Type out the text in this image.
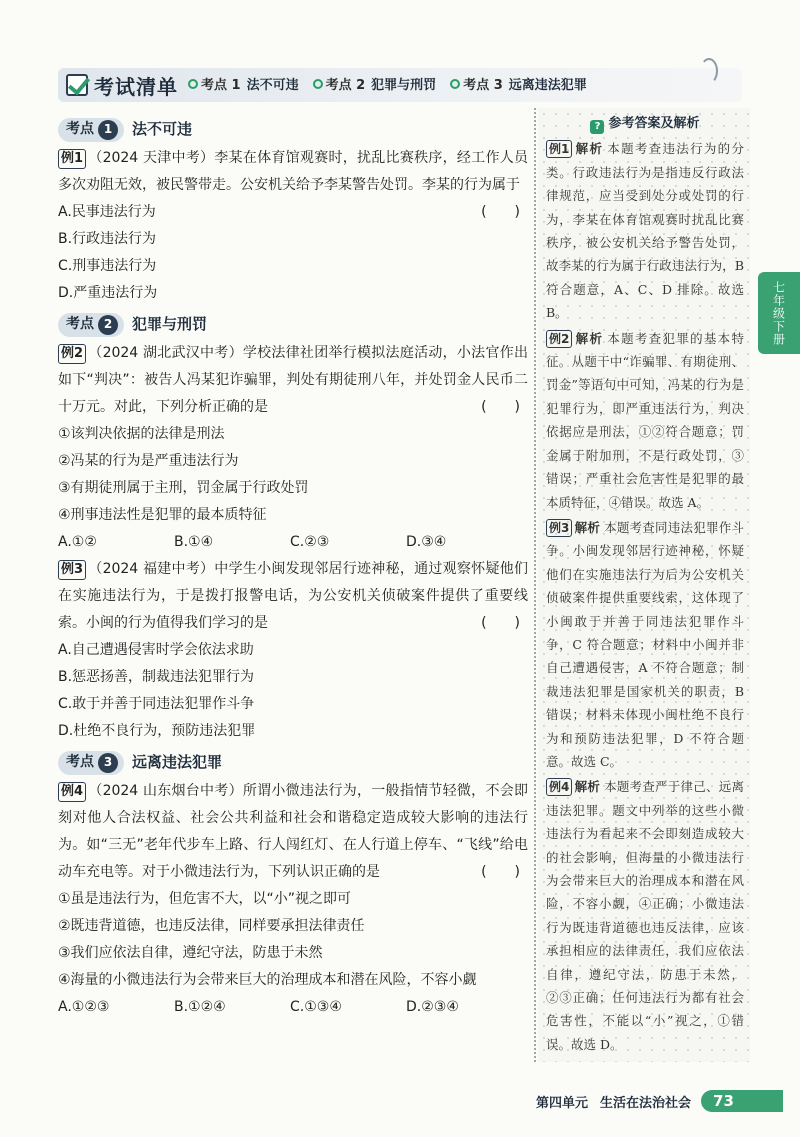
考试清单 考点 1 法不可违 考点 2 犯罪与刑罚 考点 3 远离违法犯罪
考点 1	法不可违
例1 （2024 天津中考）李某在体育馆观赛时，扰乱比赛秩序，经工作人员多次劝阻无效，被民警带走。公安机关给予李某警告处罚。李某的行为属于
(　　)
A.民事违法行为
B.行政违法行为
C.刑事违法行为
D.严重违法行为
考点 2	犯罪与刑罚
例2 （2024 湖北武汉中考）学校法律社团举行模拟法庭活动，小法官作出如下“判决”：被告人冯某犯诈骗罪，判处有期徒刑八年，并处罚金人民币二十万元。对此，下列分析正确的是	(　　)
①该判决依据的法律是刑法
②冯某的行为是严重违法行为
③有期徒刑属于主刑，罚金属于行政处罚
④刑事违法性是犯罪的最本质特征
A.①②	B.①④	C.②③	D.③④
例3 （2024 福建中考）中学生小闽发现邻居行迹神秘，通过观察怀疑他们在实施违法行为，于是拨打报警电话，为公安机关侦破案件提供了重要线索。小闽的行为值得我们学习的是	(　　)
A.自己遭遇侵害时学会依法求助
B.惩恶扬善，制裁违法犯罪行为
C.敢于并善于同违法犯罪作斗争
D.杜绝不良行为，预防违法犯罪
考点 3	远离违法犯罪
例4 （2024 山东烟台中考）所谓小微违法行为，一般指情节轻微，不会即刻对他人合法权益、社会公共利益和社会和谐稳定造成较大影响的违法行为。如“三无”老年代步车上路、行人闯红灯、在人行道上停车、“飞线”给电动车充电等。对于小微违法行为，下列认识正确的是	(　　)
①虽是违法行为，但危害不大，以“小”视之即可
②既违背道德，也违反法律，同样要承担法律责任
③我们应依法自律，遵纪守法，防患于未然
④海量的小微违法行为会带来巨大的治理成本和潜在风险，不容小觑
A.①②③	B.①②④	C.①③④	D.②③④
? 参考答案及解析
例1 解析 本题考查违法行为的分类。行政违法行为是指违反行政法律规范，应当受到处分或处罚的行为，李某在体育馆观赛时扰乱比赛秩序，被公安机关给予警告处罚，故李某的行为属于行政违法行为，B 符合题意，A、C、D 排除。故选 B。
例2 解析 本题考查犯罪的基本特征。从题干中“诈骗罪、有期徒刑、罚金”等语句中可知，冯某的行为是犯罪行为，即严重违法行为，判决依据应是刑法，①②符合题意；罚金属于附加刑，不是行政处罚，③错误；严重社会危害性是犯罪的最本质特征，④错误。故选 A。
例3 解析 本题考查同违法犯罪作斗争。小闽发现邻居行迹神秘，怀疑他们在实施违法行为后为公安机关侦破案件提供重要线索，这体现了小闽敢于并善于同违法犯罪作斗争，C 符合题意；材料中小闽并非自己遭遇侵害，A 不符合题意；制裁违法犯罪是国家机关的职责，B 错误；材料未体现小闽杜绝不良行为和预防违法犯罪，D 不符合题意。故选 C。
例4 解析 本题考查严于律己、远离违法犯罪。题文中列举的这些小微违法行为看起来不会即刻造成较大的社会影响，但海量的小微违法行为会带来巨大的治理成本和潜在风险，不容小觑，④正确；小微违法行为既违背道德也违反法律，应该承担相应的法律责任，我们应依法自律，遵纪守法，防患于未然，②③正确；任何违法行为都有社会危害性，不能以“小”视之，①错误。故选 D。
七年级下册
第四单元 生活在法治社会	73
